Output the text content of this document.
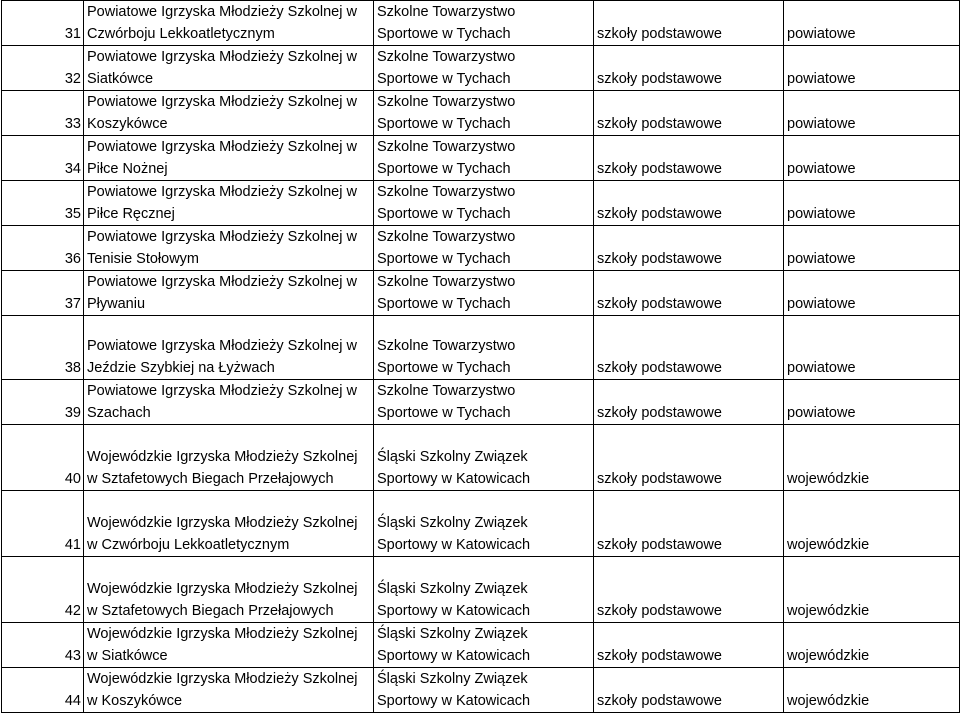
31	Powiatowe Igrzyska Młodzieży Szkolnej w
Czwórboju Lekkoatletycznym	Szkolne Towarzystwo
Sportowe w Tychach	szkoły podstawowe	powiatowe

32	Powiatowe Igrzyska Młodzieży Szkolnej w
Siatkówce	Szkolne Towarzystwo
Sportowe w Tychach	szkoły podstawowe	powiatowe

33	Powiatowe Igrzyska Młodzieży Szkolnej w
Koszykówce	Szkolne Towarzystwo
Sportowe w Tychach	szkoły podstawowe	powiatowe

34	Powiatowe Igrzyska Młodzieży Szkolnej w
Piłce Nożnej	Szkolne Towarzystwo
Sportowe w Tychach	szkoły podstawowe	powiatowe

35	Powiatowe Igrzyska Młodzieży Szkolnej w
Piłce Ręcznej	Szkolne Towarzystwo
Sportowe w Tychach	szkoły podstawowe	powiatowe

36	Powiatowe Igrzyska Młodzieży Szkolnej w
Tenisie Stołowym	Szkolne Towarzystwo
Sportowe w Tychach	szkoły podstawowe	powiatowe

37	Powiatowe Igrzyska Młodzieży Szkolnej w
Pływaniu	Szkolne Towarzystwo
Sportowe w Tychach	szkoły podstawowe	powiatowe

38	Powiatowe Igrzyska Młodzieży Szkolnej w
Jeździe Szybkiej na Łyżwach	Szkolne Towarzystwo
Sportowe w Tychach	szkoły podstawowe	powiatowe

39	Powiatowe Igrzyska Młodzieży Szkolnej w
Szachach	Szkolne Towarzystwo
Sportowe w Tychach	szkoły podstawowe	powiatowe

40	Wojewódzkie Igrzyska Młodzieży Szkolnej
w Sztafetowych Biegach Przełajowych	Śląski Szkolny Związek
Sportowy w Katowicach	szkoły podstawowe	wojewódzkie

41	Wojewódzkie Igrzyska Młodzieży Szkolnej
w Czwórboju Lekkoatletycznym	Śląski Szkolny Związek
Sportowy w Katowicach	szkoły podstawowe	wojewódzkie

42	Wojewódzkie Igrzyska Młodzieży Szkolnej
w Sztafetowych Biegach Przełajowych	Śląski Szkolny Związek
Sportowy w Katowicach	szkoły podstawowe	wojewódzkie

43	Wojewódzkie Igrzyska Młodzieży Szkolnej
w Siatkówce	Śląski Szkolny Związek
Sportowy w Katowicach	szkoły podstawowe	wojewódzkie

44	Wojewódzkie Igrzyska Młodzieży Szkolnej
w Koszykówce	Śląski Szkolny Związek
Sportowy w Katowicach	szkoły podstawowe	wojewódzkie
